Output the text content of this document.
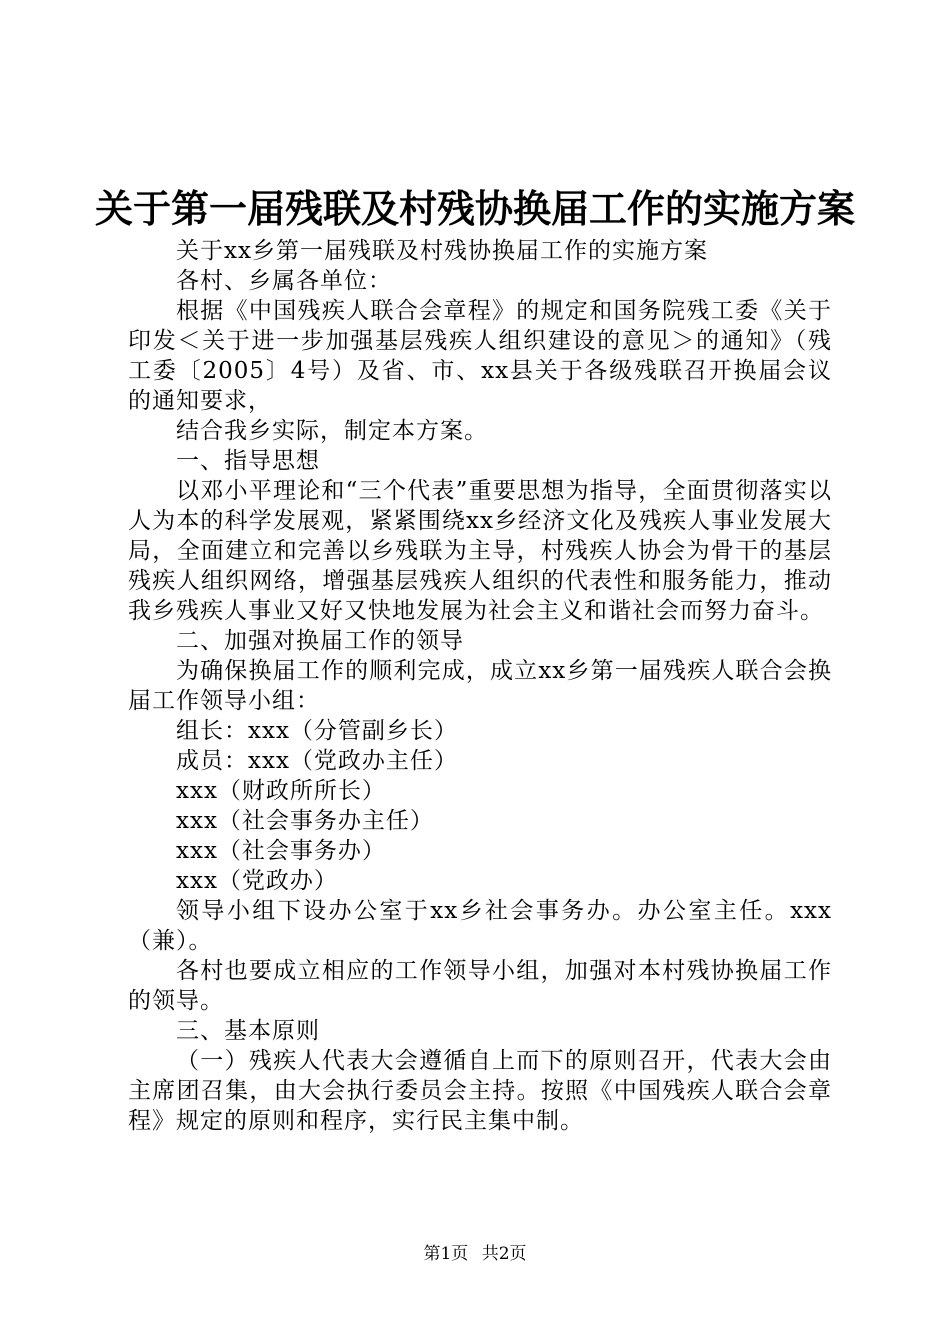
关于第一届残联及村残协换届工作的实施方案

关于xx乡第一届残联及村残协换届工作的实施方案

各村、乡属各单位：

根据《中国残疾人联合会章程》的规定和国务院残工委《关于印发＜关于进一步加强基层残疾人组织建设的意见＞的通知》（残工委〔2005〕4号）及省、市、xx县关于各级残联召开换届会议的通知要求，

结合我乡实际，制定本方案。

一、指导思想

以邓小平理论和“三个代表”重要思想为指导，全面贯彻落实以人为本的科学发展观，紧紧围绕xx乡经济文化及残疾人事业发展大局，全面建立和完善以乡残联为主导，村残疾人协会为骨干的基层残疾人组织网络，增强基层残疾人组织的代表性和服务能力，推动我乡残疾人事业又好又快地发展为社会主义和谐社会而努力奋斗。

二、加强对换届工作的领导

为确保换届工作的顺利完成，成立xx乡第一届残疾人联合会换届工作领导小组：

组长：xxx（分管副乡长）

成员：xxx（党政办主任）

xxx（财政所所长）

xxx（社会事务办主任）

xxx（社会事务办）

xxx（党政办）

领导小组下设办公室于xx乡社会事务办。办公室主任。xxx（兼）。

各村也要成立相应的工作领导小组，加强对本村残协换届工作的领导。

三、基本原则

（一）残疾人代表大会遵循自上而下的原则召开，代表大会由主席团召集，由大会执行委员会主持。按照《中国残疾人联合会章程》规定的原则和程序，实行民主集中制。

第1页 共2页
